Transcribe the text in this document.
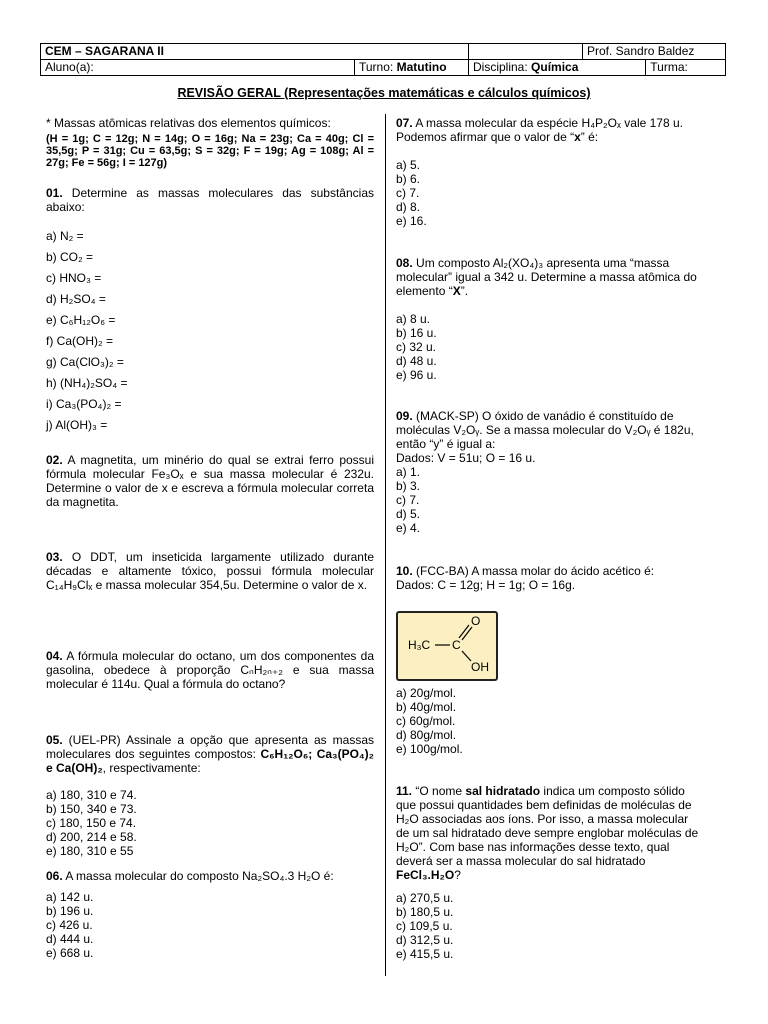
CEM – SAGARANA II			Prof. Sandro Baldez	
Aluno(a):	Turno: Matutino	Disciplina: Química		Turma:
REVISÃO GERAL (Representações matemáticas e cálculos químicos)
* Massas atômicas relativas dos elementos químicos:
(H = 1g; C = 12g; N = 14g; O = 16g; Na = 23g; Ca = 40g; Cl = 35,5g; P = 31g; Cu = 63,5g; S = 32g; F = 19g; Ag = 108g; Al = 27g; Fe = 56g; I = 127g)
01. Determine as massas moleculares das substâncias abaixo:
a) N₂ =
b) CO₂ =
c) HNO₃ =
d) H₂SO₄ =
e) C₆H₁₂O₆ =
f) Ca(OH)₂ =
g) Ca(ClO₃)₂ =
h) (NH₄)₂SO₄ =
i) Ca₃(PO₄)₂ =
j) Al(OH)₃ =
02. A magnetita, um minério do qual se extrai ferro possui fórmula molecular Fe₃Oₓ e sua massa molecular é 232u. Determine o valor de x e escreva a fórmula molecular correta da magnetita.
03. O DDT, um inseticida largamente utilizado durante décadas e altamente tóxico, possui fórmula molecular C₁₄H₉Clₓ e massa molecular 354,5u. Determine o valor de x.
04. A fórmula molecular do octano, um dos componentes da gasolina, obedece à proporção CₙH₂ₙ₊₂ e sua massa molecular é 114u. Qual a fórmula do octano?
05. (UEL-PR) Assinale a opção que apresenta as massas moleculares dos seguintes compostos: C₆H₁₂O₆; Ca₃(PO₄)₂ e Ca(OH)₂, respectivamente:
a) 180, 310 e 74.
b) 150, 340 e 73.
c) 180, 150 e 74.
d) 200, 214 e 58.
e) 180, 310 e 55
06. A massa molecular do composto Na₂SO₄.3 H₂O é:
a) 142 u.
b) 196 u.
c) 426 u.
d) 444 u.
e) 668 u.
07. A massa molecular da espécie H₄P₂Oₓ vale 178 u.
Podemos afirmar que o valor de “x” é:
a) 5.
b) 6.
c) 7.
d) 8.
e) 16.
08. Um composto Al₂(XO₄)₃ apresenta uma “massa
molecular” igual a 342 u. Determine a massa atômica do
elemento “X”.
a) 8 u.
b) 16 u.
c) 32 u.
d) 48 u.
e) 96 u.
09. (MACK-SP) O óxido de vanádio é constituído de
moléculas V₂Oᵧ. Se a massa molecular do V₂Oᵧ é 182u,
então “y” é igual a:
Dados: V = 51u; O = 16 u.
a) 1.
b) 3.
c) 7.
d) 5.
e) 4.
10. (FCC-BA) A massa molar do ácido acético é:
Dados: C = 12g; H = 1g; O = 16g.
H₃C C
O
OH
a) 20g/mol.
b) 40g/mol.
c) 60g/mol.
d) 80g/mol.
e) 100g/mol.
11. “O nome sal hidratado indica um composto sólido
que possui quantidades bem definidas de moléculas de
H₂O associadas aos íons. Por isso, a massa molecular
de um sal hidratado deve sempre englobar moléculas de
H₂O”. Com base nas informações desse texto, qual
deverá ser a massa molecular do sal hidratado
FeCl₃.H₂O?
a) 270,5 u.
b) 180,5 u.
c) 109,5 u.
d) 312,5 u.
e) 415,5 u.
